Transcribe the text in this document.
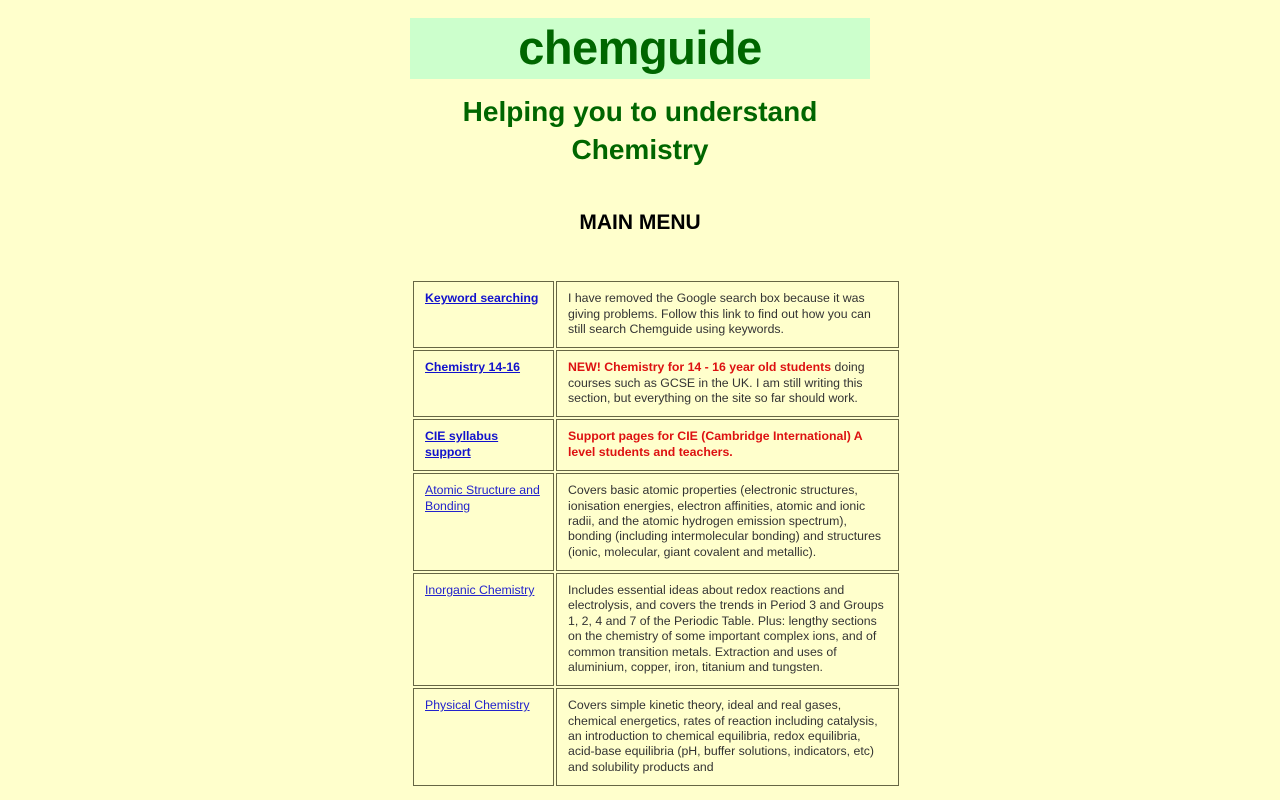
chemguide
Helping you to understand Chemistry
MAIN MENU
Keyword searching	I have removed the Google search box because it was giving problems. Follow this link to find out how you can still search Chemguide using keywords.
Chemistry 14-16	NEW! Chemistry for 14 - 16 year old students doing courses such as GCSE in the UK. I am still writing this section, but everything on the site so far should work.
CIE syllabus support	Support pages for CIE (Cambridge International) A level students and teachers.

Atomic Structure and Bonding	Covers basic atomic properties (electronic structures, ionisation energies, electron affinities, atomic and ionic radii, and the atomic hydrogen emission spectrum), bonding (including intermolecular bonding) and structures (ionic, molecular, giant covalent and metallic).
Inorganic Chemistry	Includes essential ideas about redox reactions and electrolysis, and covers the trends in Period 3 and Groups 1, 2, 4 and 7 of the Periodic Table. Plus: lengthy sections on the chemistry of some important complex ions, and of common transition metals. Extraction and uses of aluminium, copper, iron, titanium and tungsten.
Physical Chemistry	Covers simple kinetic theory, ideal and real gases, chemical energetics, rates of reaction including catalysis, an introduction to chemical equilibria, redox equilibria, acid-base equilibria (pH, buffer solutions, indicators, etc) and solubility products and
